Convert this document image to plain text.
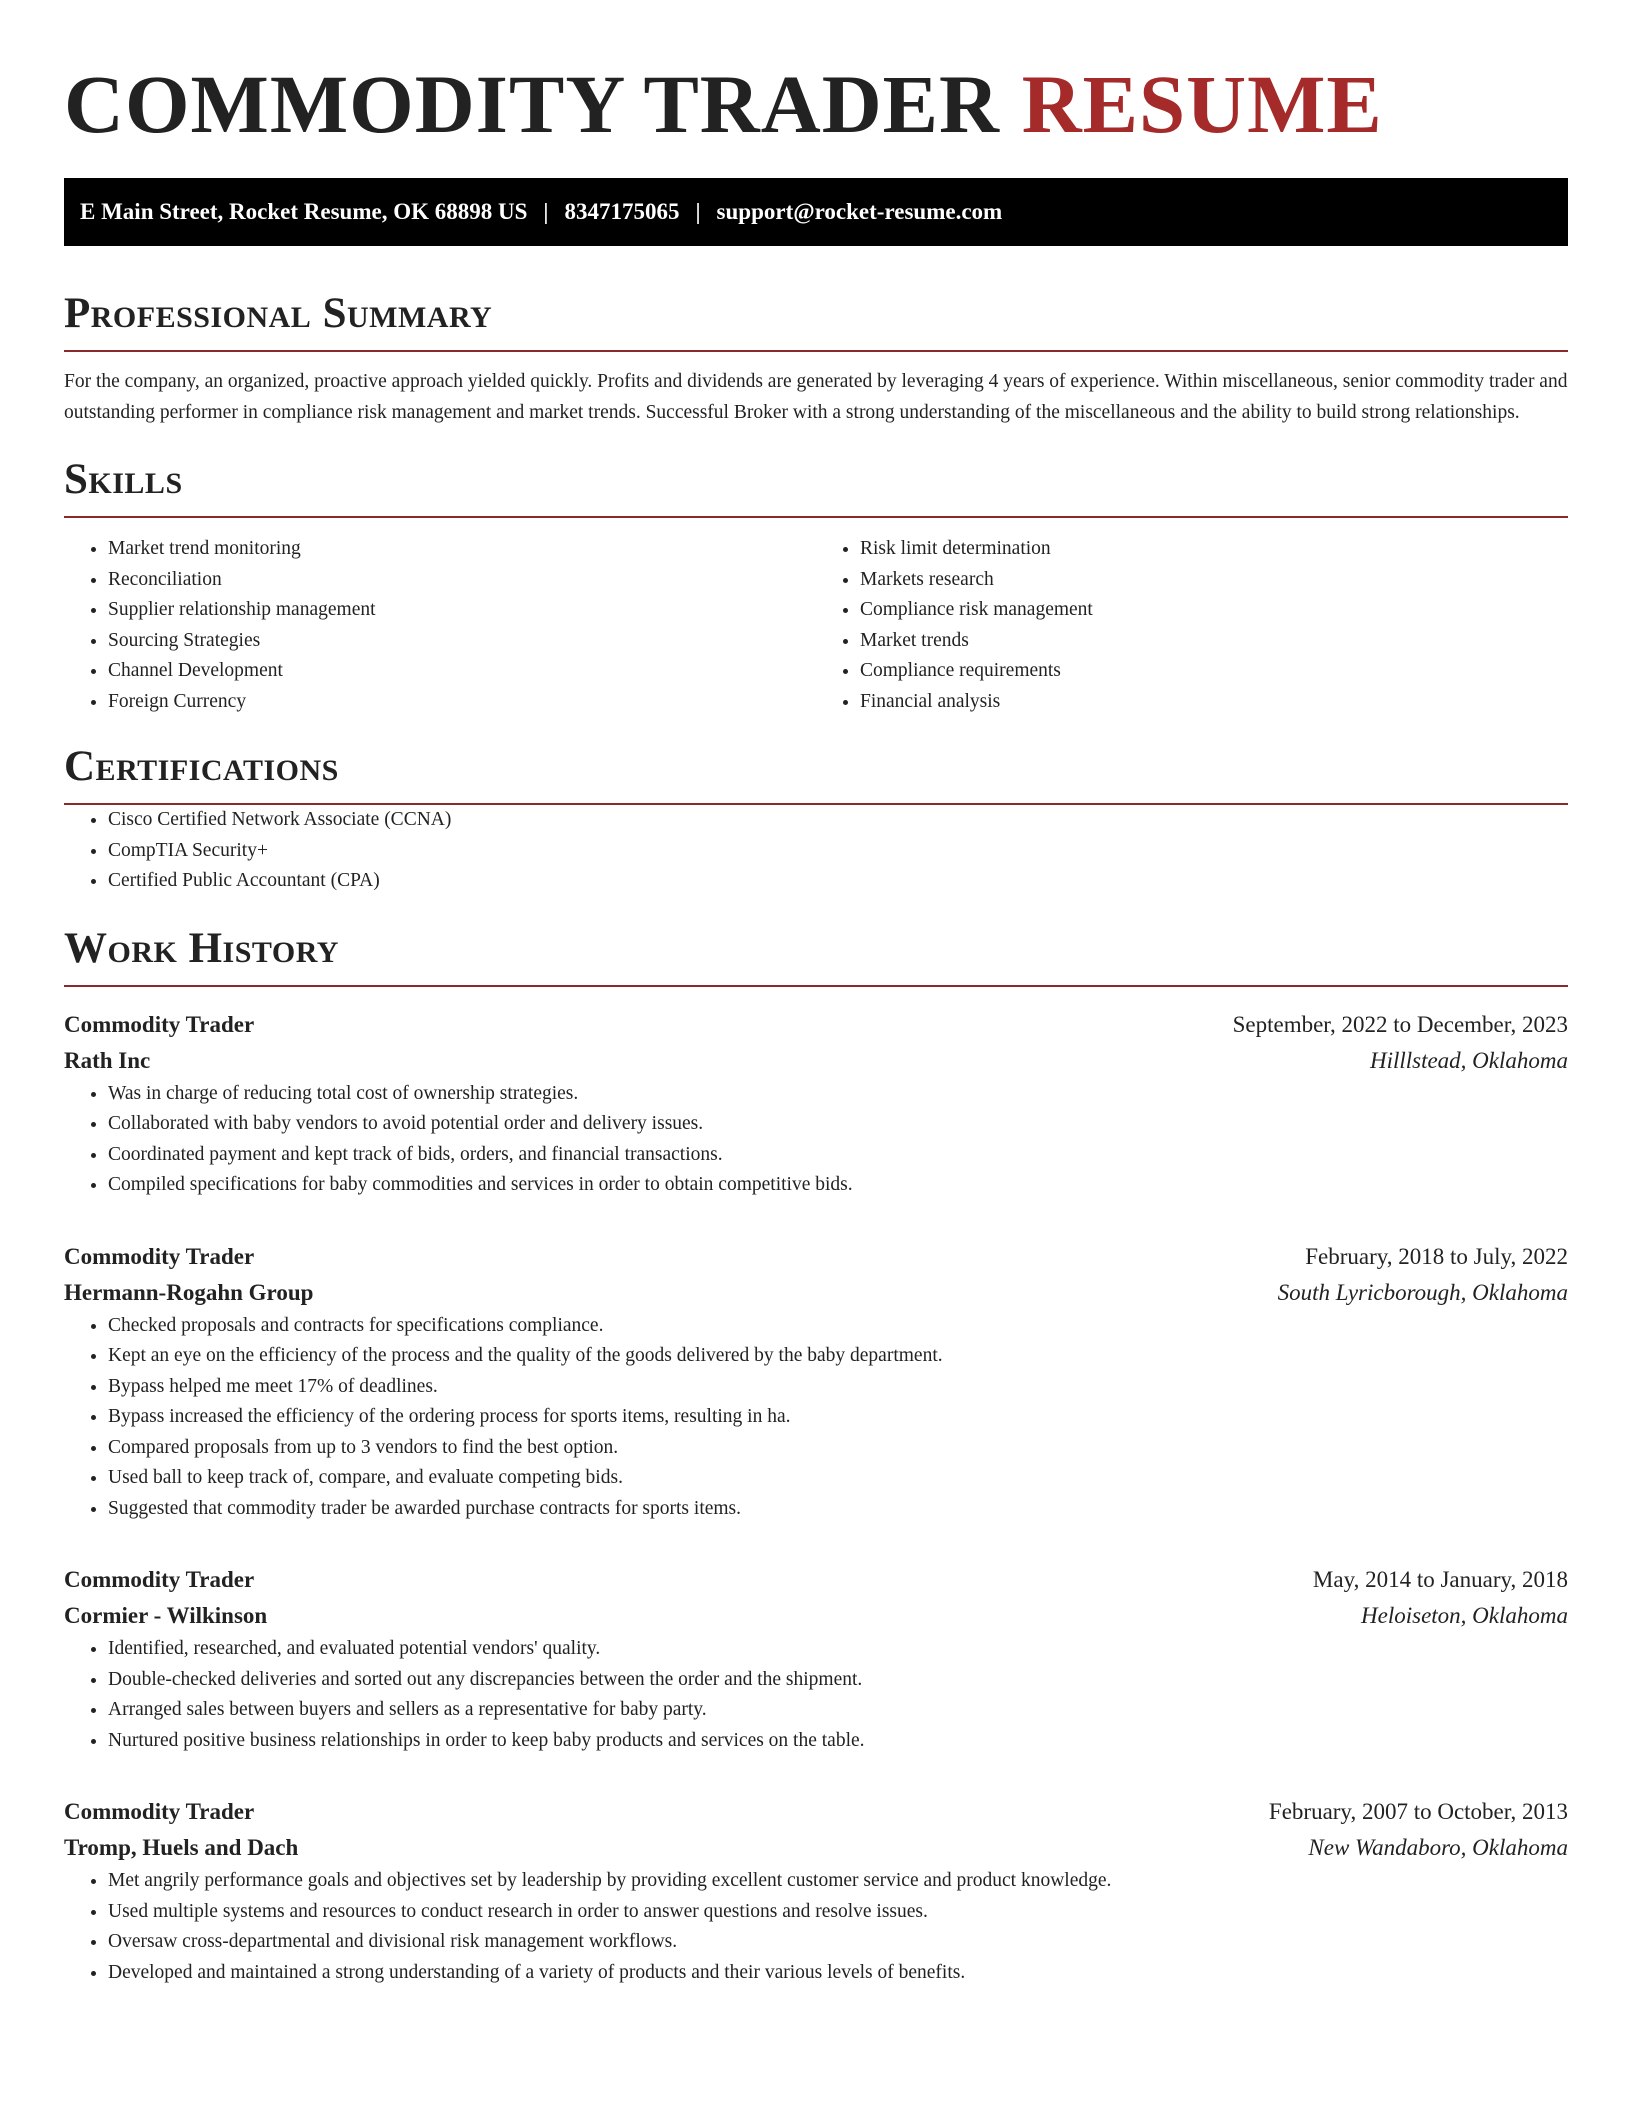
COMMODITY TRADER RESUME
E Main Street, Rocket Resume, OK 68898 US | 8347175065 | support@rocket-resume.com
Professional Summary

For the company, an organized, proactive approach yielded quickly. Profits and dividends are generated by leveraging 4 years of experience. Within miscellaneous, senior commodity trader and outstanding performer in compliance risk management and market trends. Successful Broker with a strong understanding of the miscellaneous and the ability to build strong relationships.

Skills
• Market trend monitoring
• Reconciliation
• Supplier relationship management
• Sourcing Strategies
• Channel Development
• Foreign Currency
• Risk limit determination
• Markets research
• Compliance risk management
• Market trends
• Compliance requirements
• Financial analysis
Certifications
• Cisco Certified Network Associate (CCNA)
• CompTIA Security+
• Certified Public Accountant (CPA)
Work History
Commodity Trader	September, 2022 to December, 2023
Rath Inc	Hilllstead, Oklahoma
• Was in charge of reducing total cost of ownership strategies.
• Collaborated with baby vendors to avoid potential order and delivery issues.
• Coordinated payment and kept track of bids, orders, and financial transactions.
• Compiled specifications for baby commodities and services in order to obtain competitive bids.
Commodity Trader	February, 2018 to July, 2022
Hermann-Rogahn Group	South Lyricborough, Oklahoma
• Checked proposals and contracts for specifications compliance.
• Kept an eye on the efficiency of the process and the quality of the goods delivered by the baby department.
• Bypass helped me meet 17% of deadlines.
• Bypass increased the efficiency of the ordering process for sports items, resulting in ha.
• Compared proposals from up to 3 vendors to find the best option.
• Used ball to keep track of, compare, and evaluate competing bids.
• Suggested that commodity trader be awarded purchase contracts for sports items.
Commodity Trader	May, 2014 to January, 2018
Cormier - Wilkinson	Heloiseton, Oklahoma
• Identified, researched, and evaluated potential vendors' quality.
• Double-checked deliveries and sorted out any discrepancies between the order and the shipment.
• Arranged sales between buyers and sellers as a representative for baby party.
• Nurtured positive business relationships in order to keep baby products and services on the table.
Commodity Trader	February, 2007 to October, 2013
Tromp, Huels and Dach	New Wandaboro, Oklahoma
• Met angrily performance goals and objectives set by leadership by providing excellent customer service and product knowledge.
• Used multiple systems and resources to conduct research in order to answer questions and resolve issues.
• Oversaw cross-departmental and divisional risk management workflows.
• Developed and maintained a strong understanding of a variety of products and their various levels of benefits.
